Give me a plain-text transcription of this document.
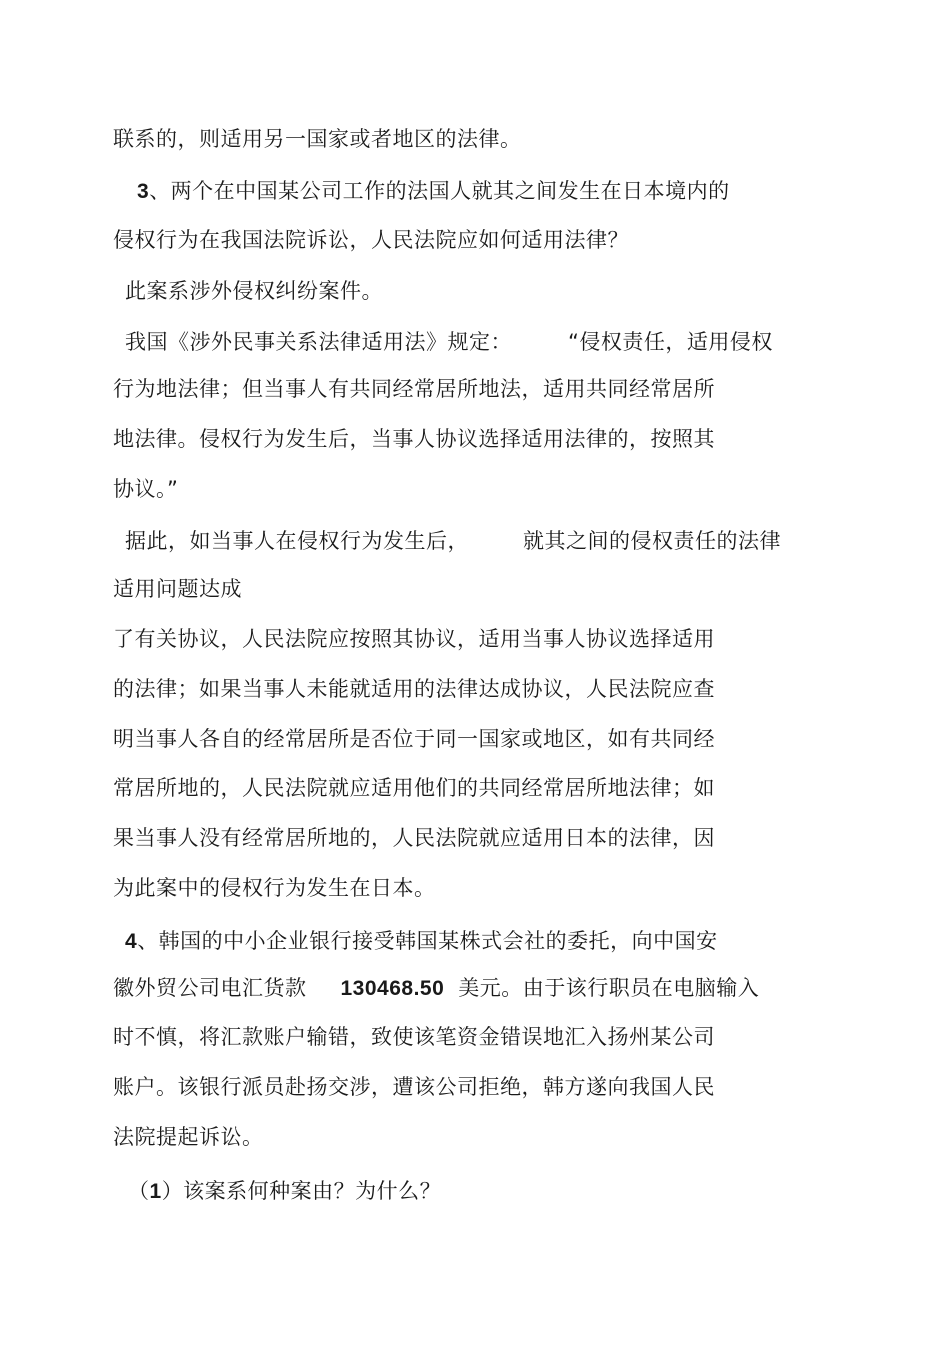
联系的，则适用另一国家或者地区的法律。
3、两个在中国某公司工作的法国人就其之间发生在日本境内的
侵权行为在我国法院诉讼，人民法院应如何适用法律？
此案系涉外侵权纠纷案件。
我国《涉外民事关系法律适用法》规定：	“侵权责任，适用侵权
行为地法律；但当事人有共同经常居所地法，适用共同经常居所
地法律。侵权行为发生后，当事人协议选择适用法律的，按照其
协议。”
据此，如当事人在侵权行为发生后，	就其之间的侵权责任的法律
适用问题达成
了有关协议，人民法院应按照其协议，适用当事人协议选择适用
的法律；如果当事人未能就适用的法律达成协议，人民法院应查
明当事人各自的经常居所是否位于同一国家或地区，如有共同经
常居所地的，人民法院就应适用他们的共同经常居所地法律；如
果当事人没有经常居所地的，人民法院就应适用日本的法律，因
为此案中的侵权行为发生在日本。
4、韩国的中小企业银行接受韩国某株式会社的委托，向中国安
徽外贸公司电汇货款 130468.50 美元。由于该行职员在电脑输入
时不慎，将汇款账户输错，致使该笔资金错误地汇入扬州某公司
账户。该银行派员赴扬交涉，遭该公司拒绝，韩方遂向我国人民
法院提起诉讼。
（1）该案系何种案由？为什么？
